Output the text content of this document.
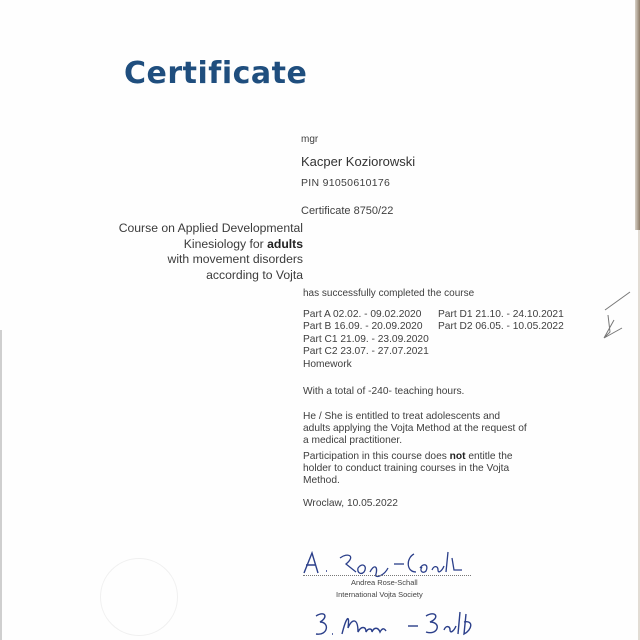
Certificate
mgr
Kacper Koziorowski
PIN 91050610176
Certificate 8750/22
Course on Applied Developmental
Kinesiology for adults
with movement disorders
according to Vojta
has successfully completed the course
Part A 02.02. - 09.02.2020
Part B 16.09. - 20.09.2020
Part C1 21.09. - 23.09.2020
Part C2 23.07. - 27.07.2021
Homework
Part D1 21.10. - 24.10.2021
Part D2 06.05. - 10.05.2022
With a total of -240- teaching hours.
He / She is entitled to treat adolescents and adults applying the Vojta Method at the request of a medical practitioner.
Participation in this course does not entitle the holder to conduct training courses in the Vojta Method.
Wroclaw, 10.05.2022
Andrea Rose-Schall
International Vojta Society
